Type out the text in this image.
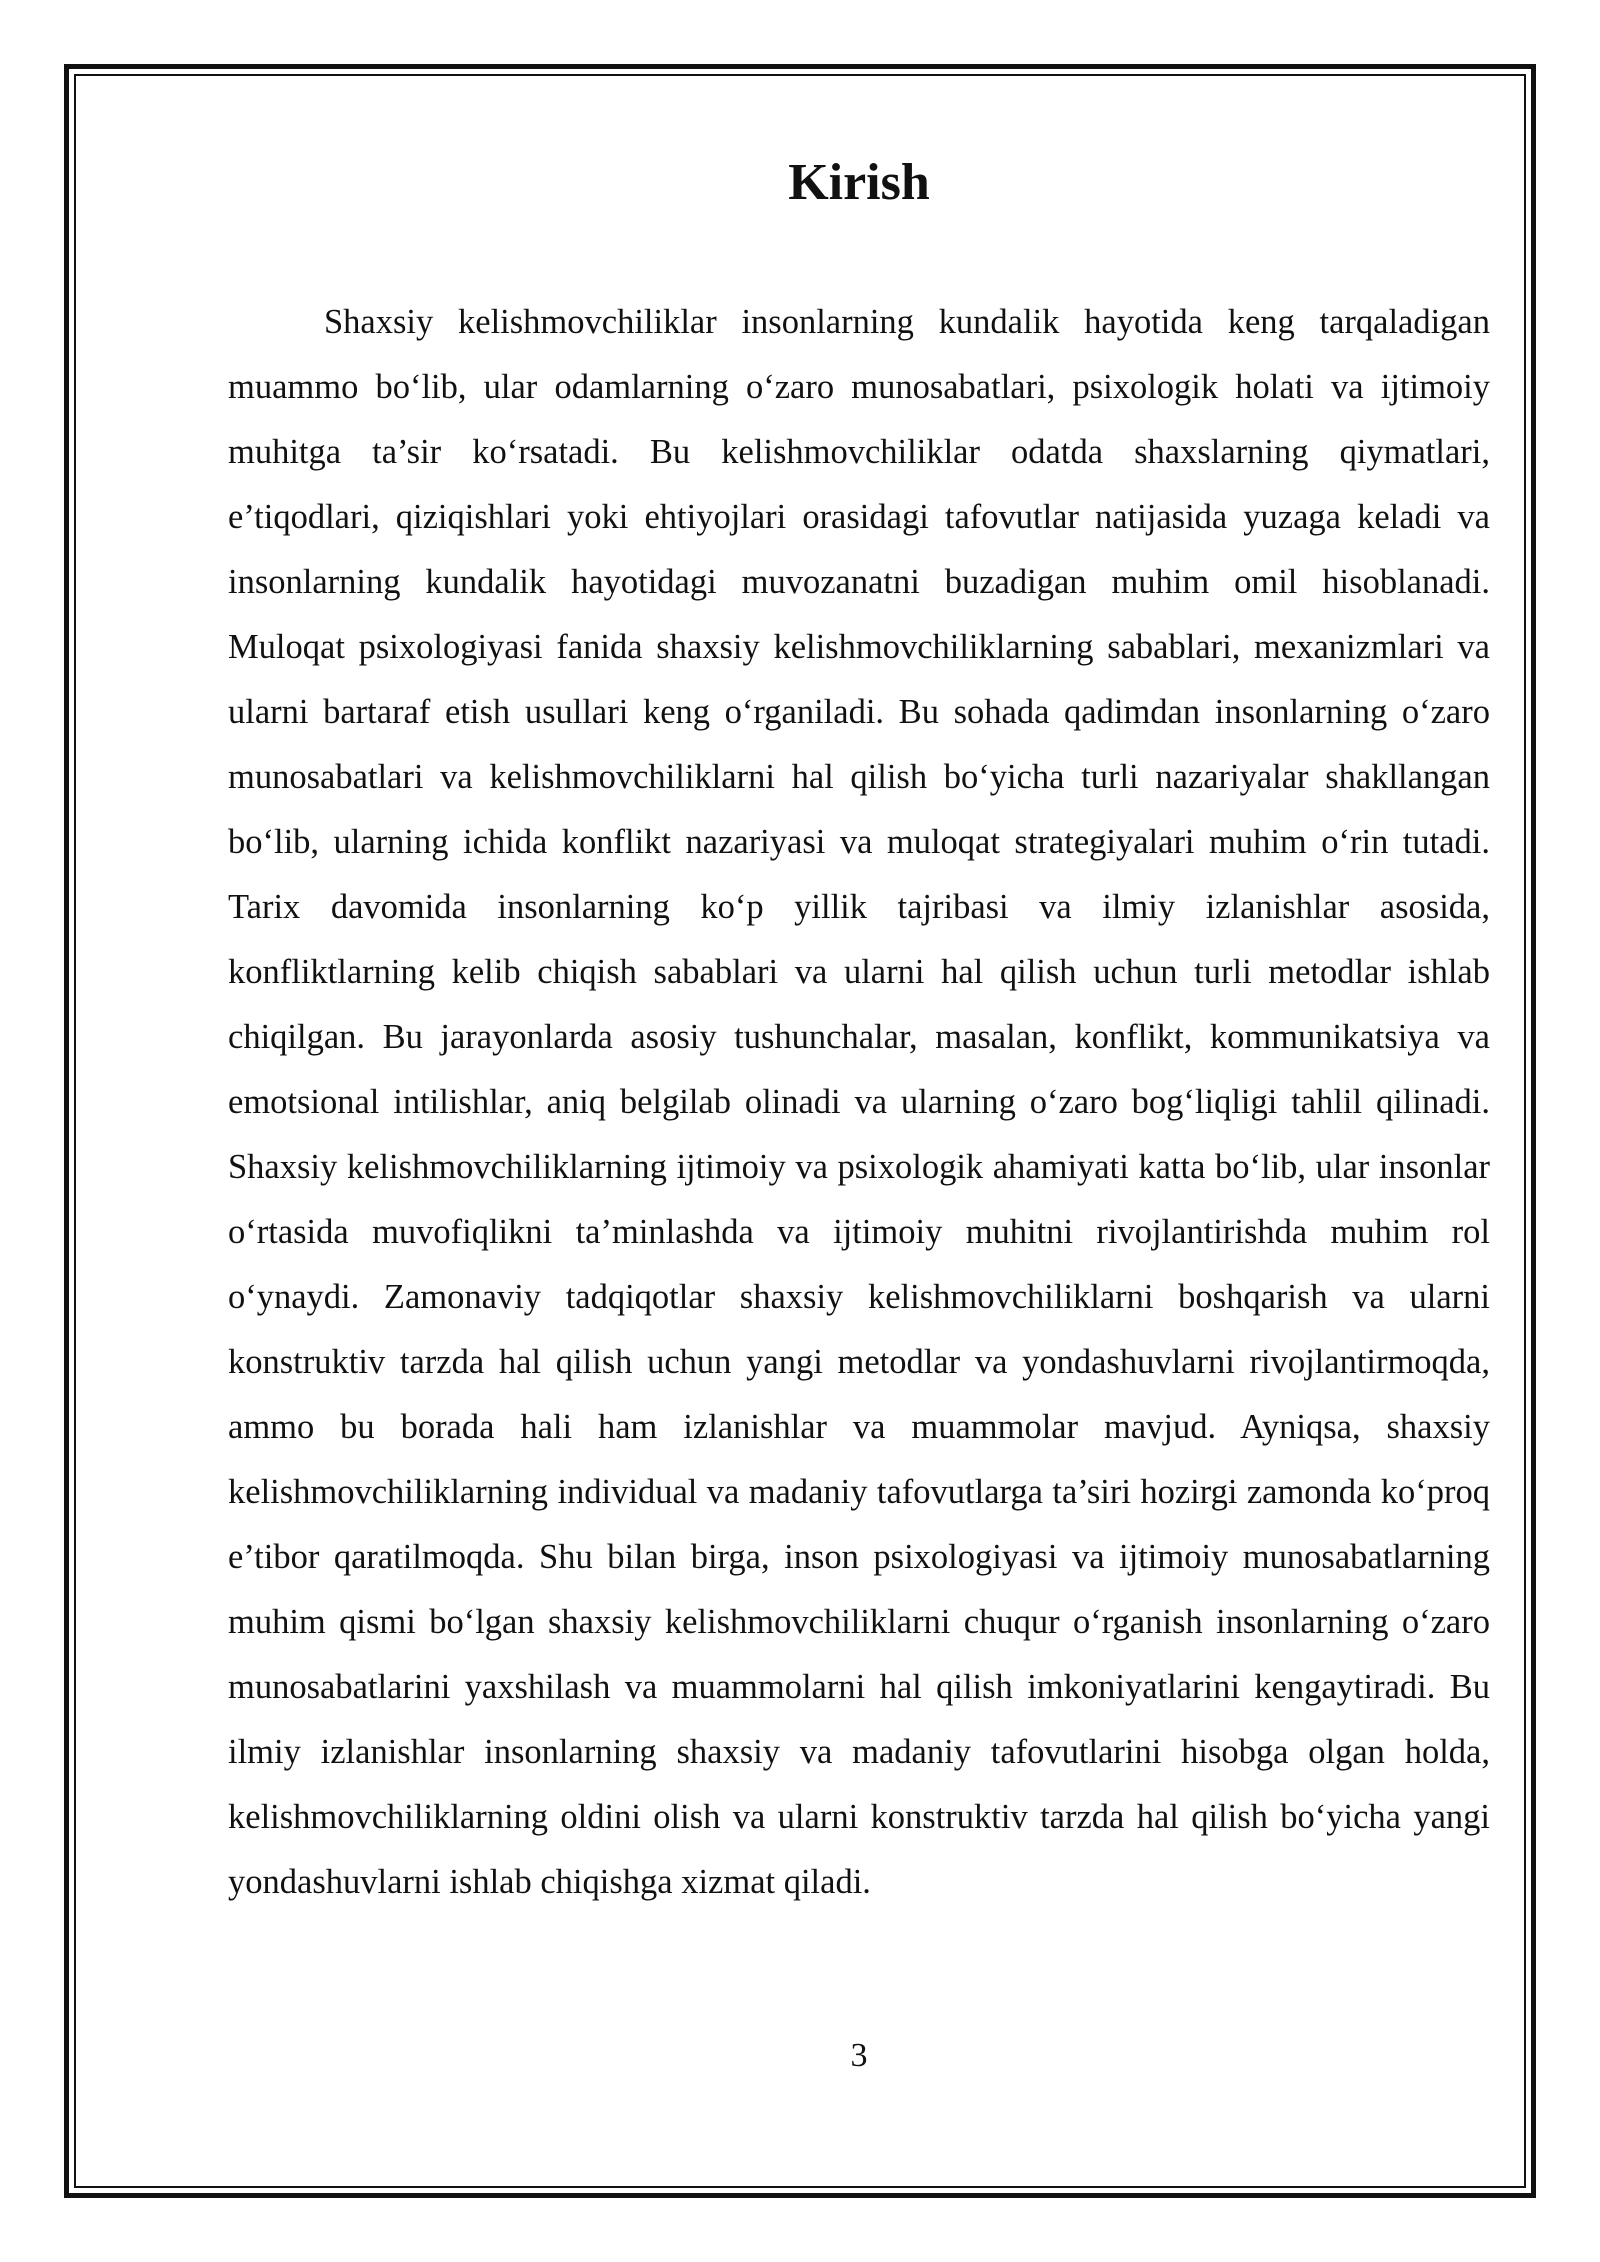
Kirish

Shaxsiy kelishmovchiliklar insonlarning kundalik hayotida keng tarqaladigan muammo bo‘lib, ular odamlarning o‘zaro munosabatlari, psixologik holati va ijtimoiy muhitga ta’sir ko‘rsatadi. Bu kelishmovchiliklar odatda shaxslarning qiymatlari, e’tiqodlari, qiziqishlari yoki ehtiyojlari orasidagi tafovutlar natijasida yuzaga keladi va insonlarning kundalik hayotidagi muvozanatni buzadigan muhim omil hisoblanadi. Muloqat psixologiyasi fanida shaxsiy kelishmovchiliklarning sabablari, mexanizmlari va ularni bartaraf etish usullari keng o‘rganiladi. Bu sohada qadimdan insonlarning o‘zaro munosabatlari va kelishmovchiliklarni hal qilish bo‘yicha turli nazariyalar shakllangan bo‘lib, ularning ichida konflikt nazariyasi va muloqat strategiyalari muhim o‘rin tutadi. Tarix davomida insonlarning ko‘p yillik tajribasi va ilmiy izlanishlar asosida, konfliktlarning kelib chiqish sabablari va ularni hal qilish uchun turli metodlar ishlab chiqilgan. Bu jarayonlarda asosiy tushunchalar, masalan, konflikt, kommunikatsiya va emotsional intilishlar, aniq belgilab olinadi va ularning o‘zaro bog‘liqligi tahlil qilinadi. Shaxsiy kelishmovchiliklarning ijtimoiy va psixologik ahamiyati katta bo‘lib, ular insonlar o‘rtasida muvofiqlikni ta’minlashda va ijtimoiy muhitni rivojlantirishda muhim rol o‘ynaydi. Zamonaviy tadqiqotlar shaxsiy kelishmovchiliklarni boshqarish va ularni konstruktiv tarzda hal qilish uchun yangi metodlar va yondashuvlarni rivojlantirmoqda, ammo bu borada hali ham izlanishlar va muammolar mavjud. Ayniqsa, shaxsiy kelishmovchiliklarning individual va madaniy tafovutlarga ta’siri hozirgi zamonda ko‘proq e’tibor qaratilmoqda. Shu bilan birga, inson psixologiyasi va ijtimoiy munosabatlarning muhim qismi bo‘lgan shaxsiy kelishmovchiliklarni chuqur o‘rganish insonlarning o‘zaro munosabatlarini yaxshilash va muammolarni hal qilish imkoniyatlarini kengaytiradi. Bu ilmiy izlanishlar insonlarning shaxsiy va madaniy tafovutlarini hisobga olgan holda, kelishmovchiliklarning oldini olish va ularni konstruktiv tarzda hal qilish bo‘yicha yangi yondashuvlarni ishlab chiqishga xizmat qiladi.

3
